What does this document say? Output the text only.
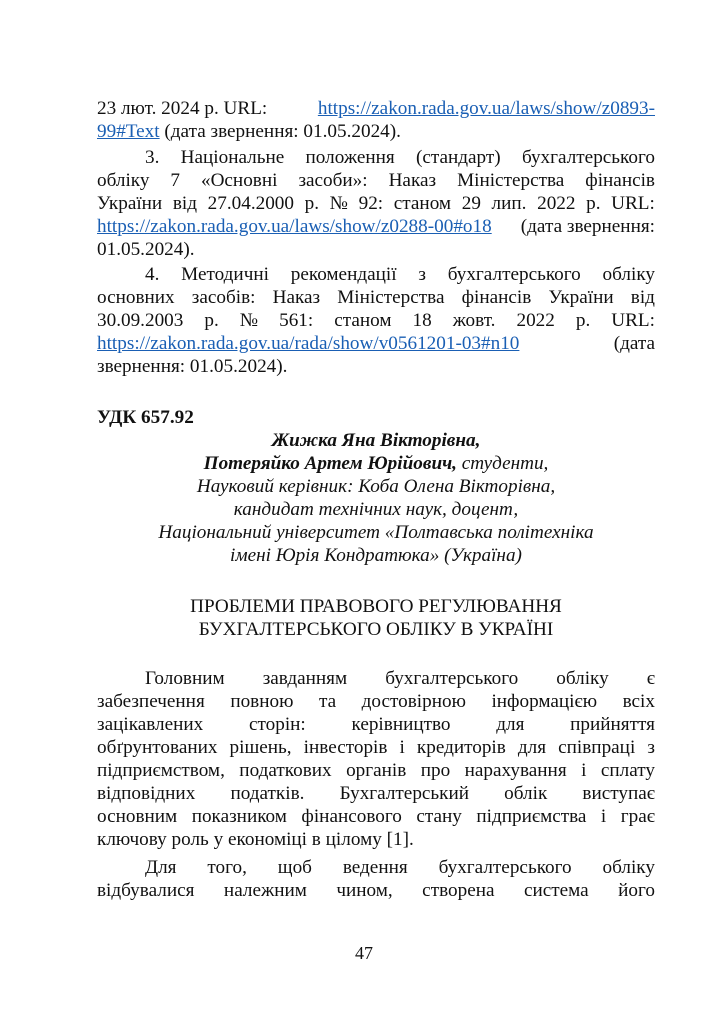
23 лют. 2024 р. URL:	https://zakon.rada.gov.ua/laws/show/z0893-
99#Text (дата звернення: 01.05.2024).
3. Національне положення (стандарт) бухгалтерського
обліку 7 «Основні засоби»: Наказ Міністерства фінансів
України від 27.04.2000 р. № 92: станом 29 лип. 2022 р. URL:
https://zakon.rada.gov.ua/laws/show/z0288-00#o18 (дата звернення:
01.05.2024).
4. Методичні рекомендації з бухгалтерського обліку
основних засобів: Наказ Міністерства фінансів України від
30.09.2003 р. № 561: станом 18 жовт. 2022 р. URL:
https://zakon.rada.gov.ua/rada/show/v0561201-03#n10	(дата
звернення: 01.05.2024).
УДК 657.92
Жижка Яна Вікторівна,
Потеряйко Артем Юрійович, студенти,
Науковий керівник: Коба Олена Вікторівна,
кандидат технічних наук, доцент,
Національний університет «Полтавська політехніка
імені Юрія Кондратюка» (Україна)
ПРОБЛЕМИ ПРАВОВОГО РЕГУЛЮВАННЯ
БУХГАЛТЕРСЬКОГО ОБЛІКУ В УКРАЇНІ
Головним завданням бухгалтерського обліку є
забезпечення повною та достовірною інформацією всіх
зацікавлених сторін: керівництво для прийняття
обґрунтованих рішень, інвесторів і кредиторів для співпраці з
підприємством, податкових органів про нарахування і сплату
відповідних податків. Бухгалтерський облік виступає
основним показником фінансового стану підприємства і грає
ключову роль у економіці в цілому [1].
Для того, щоб ведення бухгалтерського обліку
відбувалися належним чином, створена система його
47
